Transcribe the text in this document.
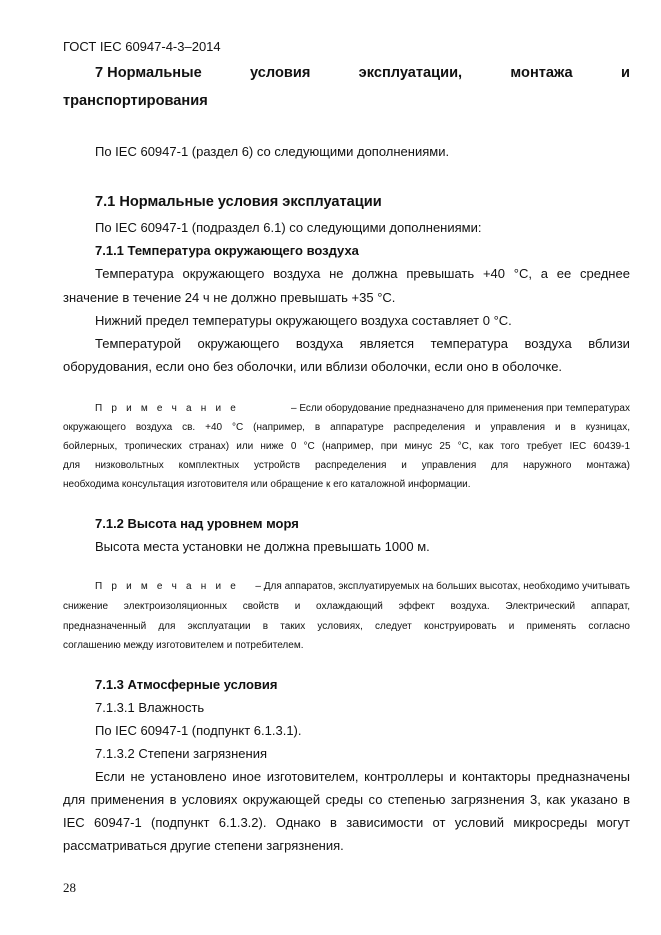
ГОСТ IEC 60947-4-3–2014
7 Нормальные	условия	эксплуатации,	монтажа	и
транспортирования
По IEC 60947-1 (раздел 6) со следующими дополнениями.
7.1 Нормальные условия эксплуатации
По IEC 60947-1 (подраздел 6.1) со следующими дополнениями:
7.1.1 Температура окружающего воздуха
Температура окружающего воздуха не должна превышать +40 °C, а ее среднее
значение в течение 24 ч не должно превышать +35 °C.
Нижний предел температуры окружающего воздуха составляет 0 °C.
Температурой окружающего воздуха является температура воздуха вблизи
оборудования, если оно без оболочки, или вблизи оболочки, если оно в оболочке.
П р и м е ч а н и е	– Если оборудование предназначено для применения при температурах
окружающего воздуха св. +40 °C (например, в аппаратуре распределения и управления и в кузницах,
бойлерных, тропических странах) или ниже 0 °C (например, при минус 25 °C, как того требует IEC 60439-1
для низковольтных комплектных устройств распределения и управления для наружного монтажа)
необходима консультация изготовителя или обращение к его каталожной информации.
7.1.2 Высота над уровнем моря
Высота места установки не должна превышать 1000 м.
П р и м е ч а н и е – Для аппаратов, эксплуатируемых на больших высотах, необходимо учитывать
снижение электроизоляционных свойств и охлаждающий эффект воздуха. Электрический аппарат,
предназначенный для эксплуатации в таких условиях, следует конструировать и применять согласно
соглашению между изготовителем и потребителем.
7.1.3 Атмосферные условия
7.1.3.1 Влажность
По IEC 60947-1 (подпункт 6.1.3.1).
7.1.3.2 Степени загрязнения
Если не установлено иное изготовителем, контроллеры и контакторы предназначены
для применения в условиях окружающей среды со степенью загрязнения 3, как указано в
IEC 60947-1 (подпункт 6.1.3.2). Однако в зависимости от условий микросреды могут
рассматриваться другие степени загрязнения.
28
